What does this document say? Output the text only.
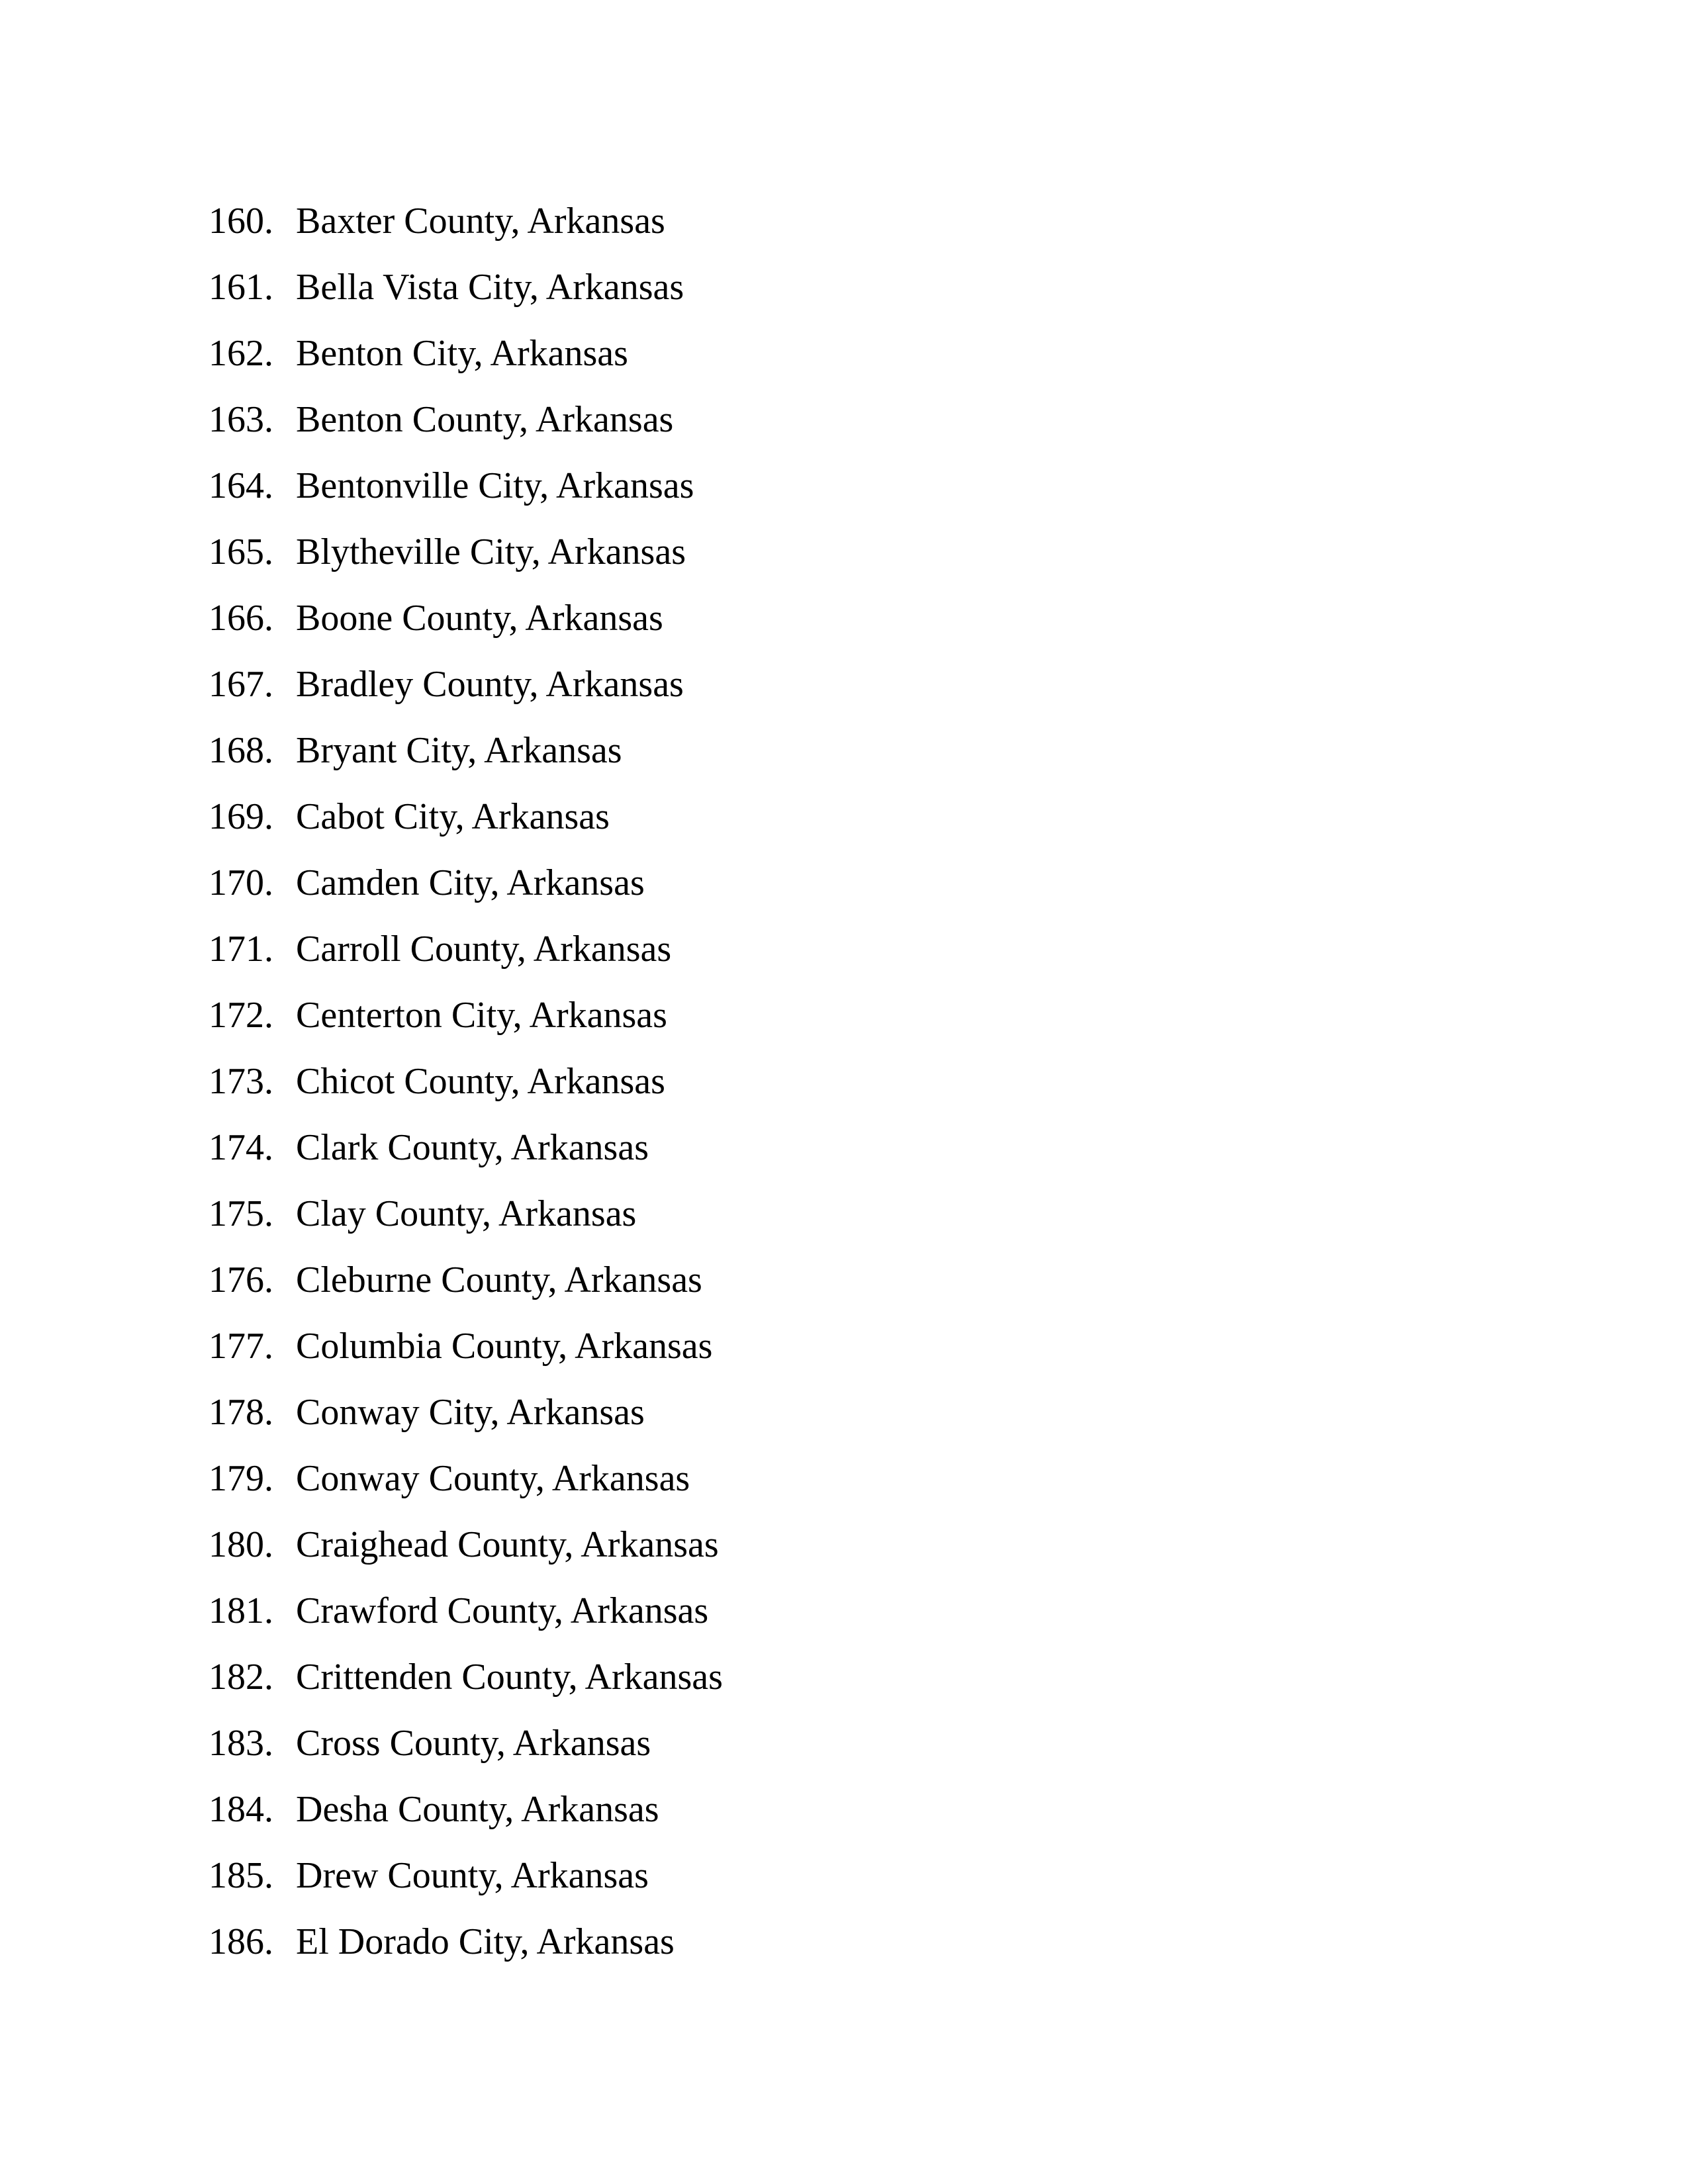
160. Baxter County, Arkansas
161. Bella Vista City, Arkansas
162. Benton City, Arkansas
163. Benton County, Arkansas
164. Bentonville City, Arkansas
165. Blytheville City, Arkansas
166. Boone County, Arkansas
167. Bradley County, Arkansas
168. Bryant City, Arkansas
169. Cabot City, Arkansas
170. Camden City, Arkansas
171. Carroll County, Arkansas
172. Centerton City, Arkansas
173. Chicot County, Arkansas
174. Clark County, Arkansas
175. Clay County, Arkansas
176. Cleburne County, Arkansas
177. Columbia County, Arkansas
178. Conway City, Arkansas
179. Conway County, Arkansas
180. Craighead County, Arkansas
181. Crawford County, Arkansas
182. Crittenden County, Arkansas
183. Cross County, Arkansas
184. Desha County, Arkansas
185. Drew County, Arkansas
186. El Dorado City, Arkansas
